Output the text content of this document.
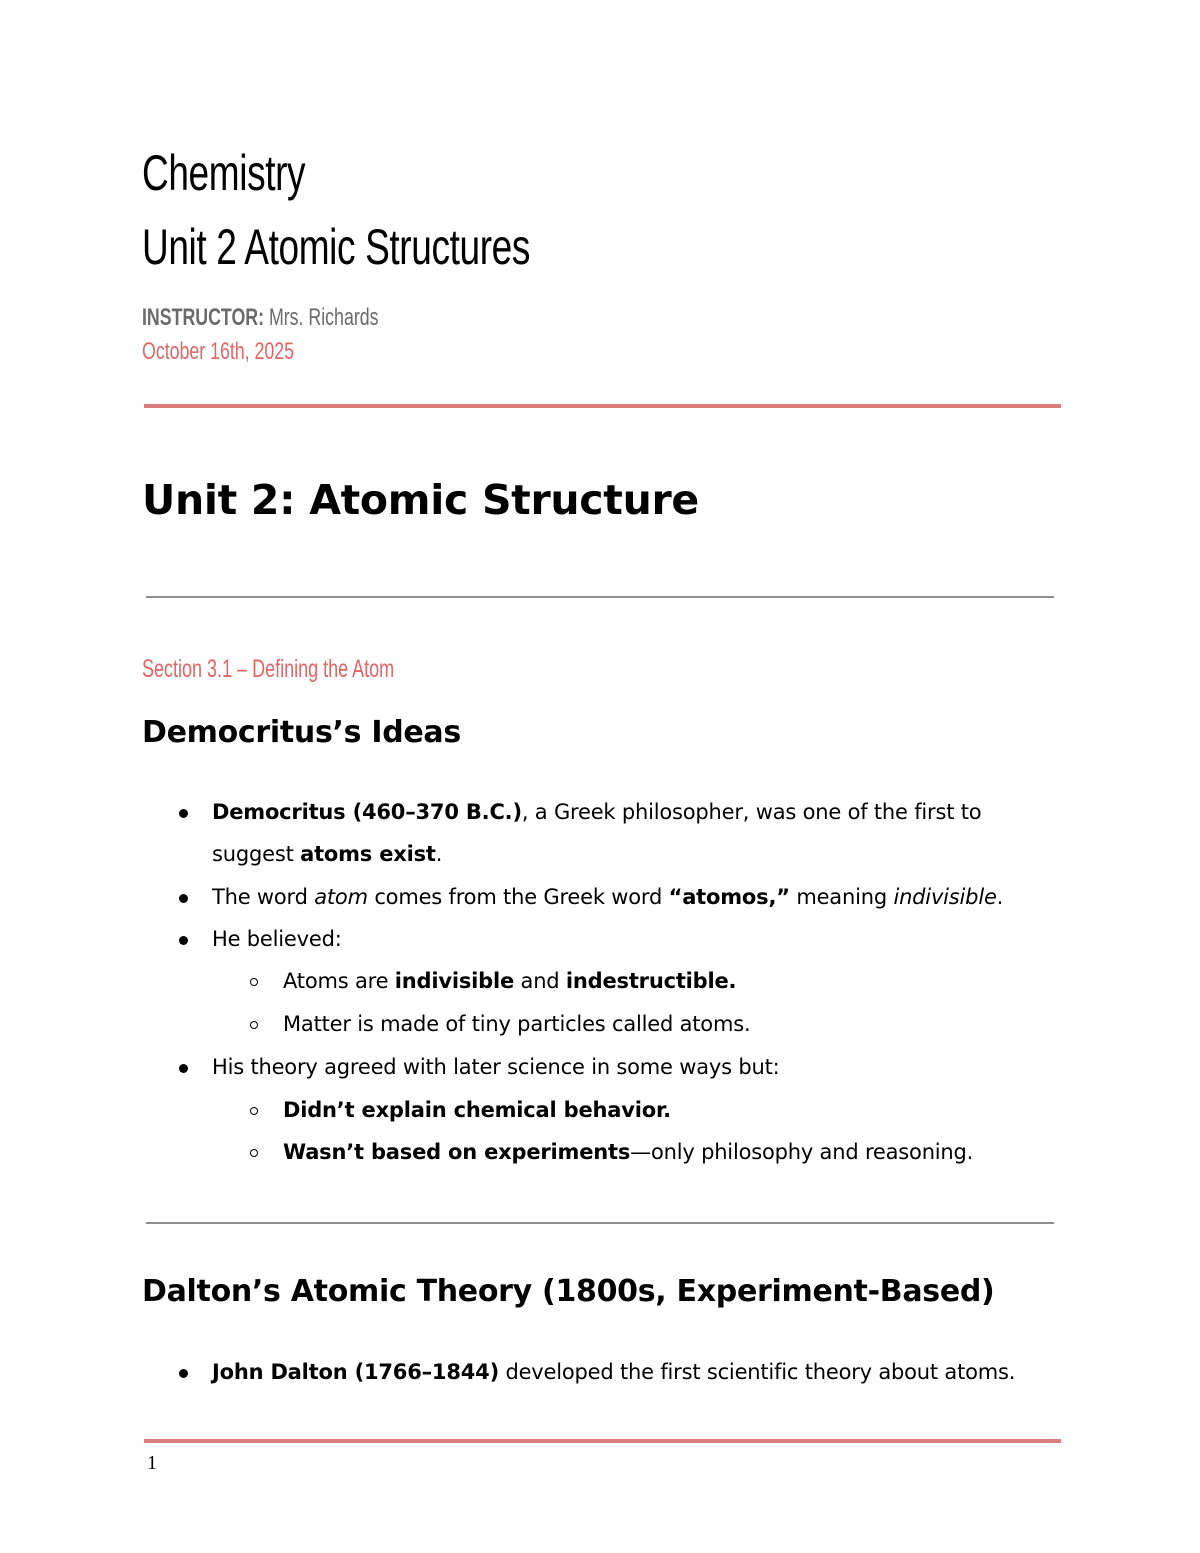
Chemistry
Unit 2 Atomic Structures
INSTRUCTOR: Mrs. Richards
October 16th, 2025
Unit 2: Atomic Structure
Section 3.1 – Defining the Atom
Democritus’s Ideas
Democritus (460–370 B.C.), a Greek philosopher, was one of the first to
suggest atoms exist.
The word atom comes from the Greek word “atomos,” meaning indivisible.
He believed:
Atoms are indivisible and indestructible.
Matter is made of tiny particles called atoms.
His theory agreed with later science in some ways but:
Didn’t explain chemical behavior.
Wasn’t based on experiments—only philosophy and reasoning.
Dalton’s Atomic Theory (1800s, Experiment-Based)
John Dalton (1766–1844) developed the first scientific theory about atoms.
1
